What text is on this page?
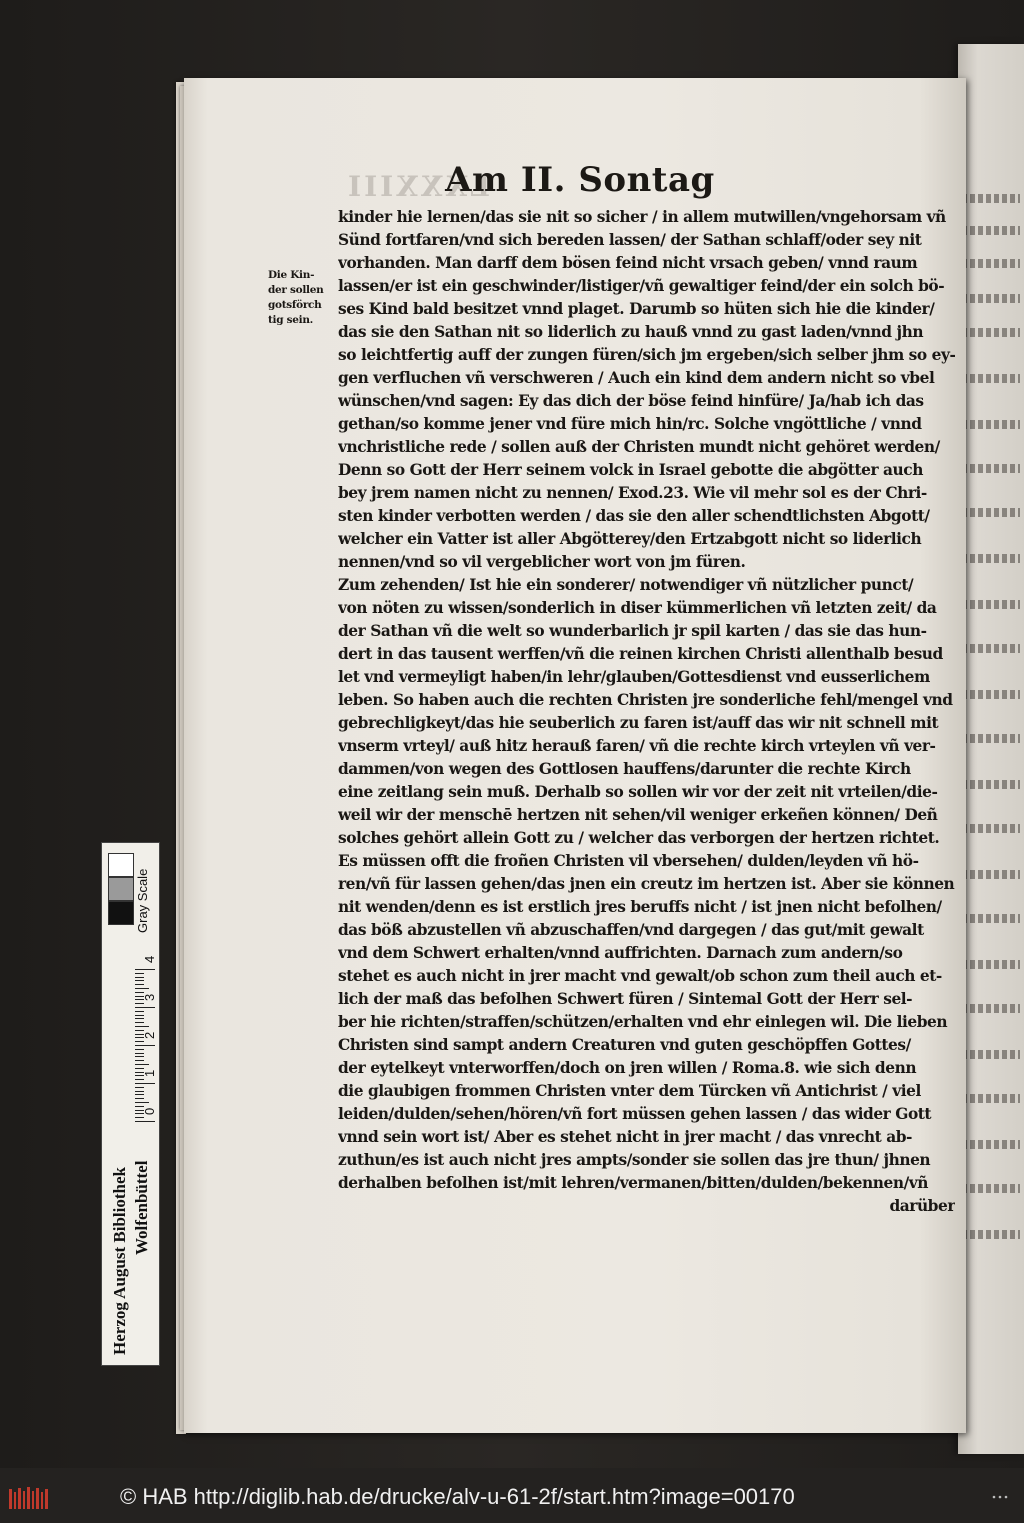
LXXXIII
Am II. Sontag
Die Kin-
der sollen
gotsförch
tig sein.
kinder hie lernen/das sie nit so sicher / in allem mutwillen/vngehorsam vñ
Sünd fortfaren/vnd sich bereden lassen/ der Sathan schlaff/oder sey nit
vorhanden. Man darff dem bösen feind nicht vrsach geben/ vnnd raum
lassen/er ist ein geschwinder/listiger/vñ gewaltiger feind/der ein solch bö-
ses Kind bald besitzet vnnd plaget. Darumb so hüten sich hie die kinder/
das sie den Sathan nit so liderlich zu hauß vnnd zu gast laden/vnnd jhn
so leichtfertig auff der zungen füren/sich jm ergeben/sich selber jhm so ey-
gen verfluchen vñ verschweren / Auch ein kind dem andern nicht so vbel
wünschen/vnd sagen: Ey das dich der böse feind hinfüre/ Ja/hab ich das
gethan/so komme jener vnd füre mich hin/rc. Solche vngöttliche / vnnd
vnchristliche rede / sollen auß der Christen mundt nicht gehöret werden/
Denn so Gott der Herr seinem volck in Israel gebotte die abgötter auch
bey jrem namen nicht zu nennen/ Exod.23. Wie vil mehr sol es der Chri-
sten kinder verbotten werden / das sie den aller schendtlichsten Abgott/
welcher ein Vatter ist aller Abgötterey/den Ertzabgott nicht so liderlich
nennen/vnd so vil vergeblicher wort von jm füren.
Zum zehenden/ Ist hie ein sonderer/ notwendiger vñ nützlicher punct/
von nöten zu wissen/sonderlich in diser kümmerlichen vñ letzten zeit/ da
der Sathan vñ die welt so wunderbarlich jr spil karten / das sie das hun-
dert in das tausent werffen/vñ die reinen kirchen Christi allenthalb besud
let vnd vermeyligt haben/in lehr/glauben/Gottesdienst vnd eusserlichem
leben. So haben auch die rechten Christen jre sonderliche fehl/mengel vnd
gebrechligkeyt/das hie seuberlich zu faren ist/auff das wir nit schnell mit
vnserm vrteyl/ auß hitz herauß faren/ vñ die rechte kirch vrteylen vñ ver-
dammen/von wegen des Gottlosen hauffens/darunter die rechte Kirch
eine zeitlang sein muß. Derhalb so sollen wir vor der zeit nit vrteilen/die-
weil wir der menschē hertzen nit sehen/vil weniger erkeñen können/ Deñ
solches gehört allein Gott zu / welcher das verborgen der hertzen richtet.
Es müssen offt die froñen Christen vil vbersehen/ dulden/leyden vñ hö-
ren/vñ für lassen gehen/das jnen ein creutz im hertzen ist. Aber sie können
nit wenden/denn es ist erstlich jres beruffs nicht / ist jnen nicht befolhen/
das böß abzustellen vñ abzuschaffen/vnd dargegen / das gut/mit gewalt
vnd dem Schwert erhalten/vnnd auffrichten. Darnach zum andern/so
stehet es auch nicht in jrer macht vnd gewalt/ob schon zum theil auch et-
lich der maß das befolhen Schwert füren / Sintemal Gott der Herr sel-
ber hie richten/straffen/schützen/erhalten vnd ehr einlegen wil. Die lieben
Christen sind sampt andern Creaturen vnd guten geschöpffen Gottes/
der eytelkeyt vnterworffen/doch on jren willen / Roma.8. wie sich denn
die glaubigen frommen Christen vnter dem Türcken vñ Antichrist / viel
leiden/dulden/sehen/hören/vñ fort müssen gehen lassen / das wider Gott
vnnd sein wort ist/ Aber es stehet nicht in jrer macht / das vnrecht ab-
zuthun/es ist auch nicht jres ampts/sonder sie sollen das jre thun/ jhnen
derhalben befolhen ist/mit lehren/vermanen/bitten/dulden/bekennen/vñ
darüber
Gray Scale
4
3
2
1
0
Herzog August Bibliothek Wolfenbüttel
© HAB http://diglib.hab.de/drucke/alv-u-61-2f/start.htm?image=00170
